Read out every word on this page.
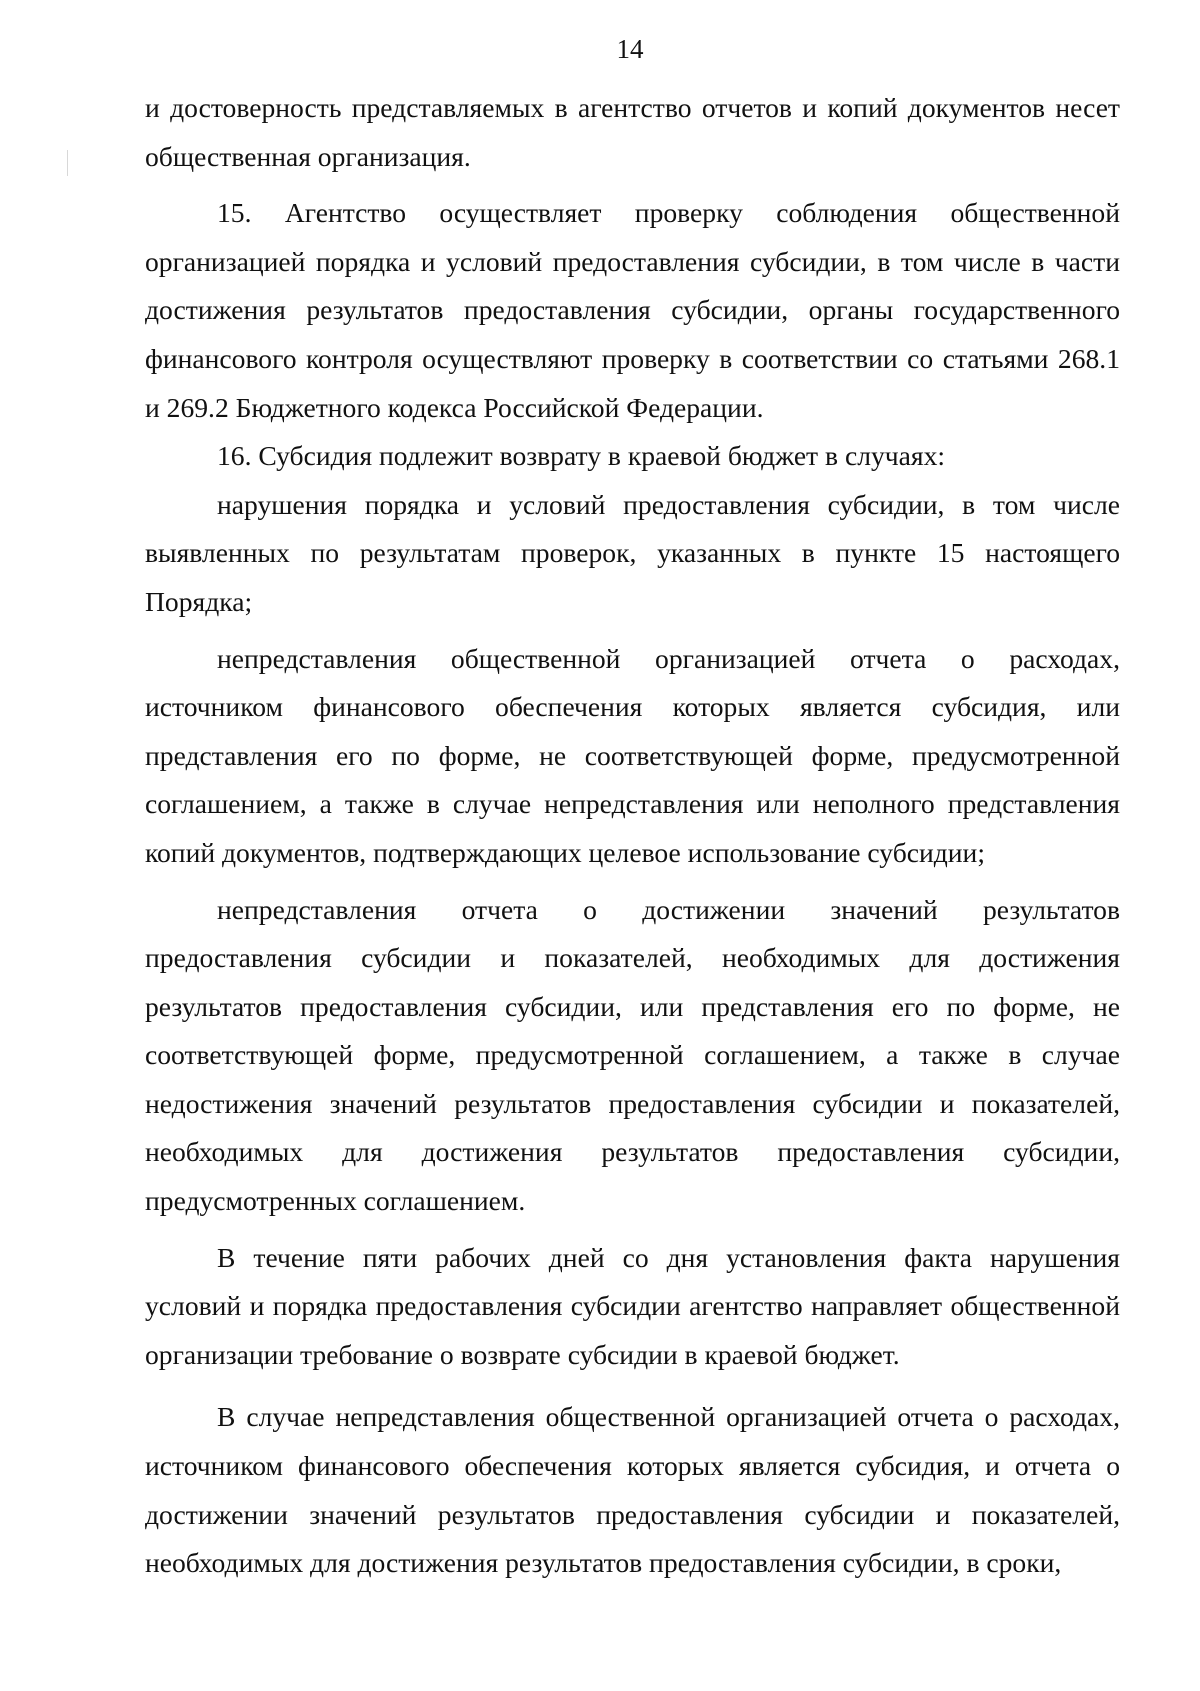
14

и достоверность представляемых в агентство отчетов и копий документов несет общественная организация.

15. Агентство осуществляет проверку соблюдения общественной организацией порядка и условий предоставления субсидии, в том числе в части достижения результатов предоставления субсидии, органы государственного финансового контроля осуществляют проверку в соответствии со статьями 268.1 и 269.2 Бюджетного кодекса Российской Федерации.

16. Субсидия подлежит возврату в краевой бюджет в случаях:

нарушения порядка и условий предоставления субсидии, в том числе выявленных по результатам проверок, указанных в пункте 15 настоящего Порядка;

непредставления общественной организацией отчета о расходах, источником финансового обеспечения которых является субсидия, или представления его по форме, не соответствующей форме, предусмотренной соглашением, а также в случае непредставления или неполного представления копий документов, подтверждающих целевое использование субсидии;

непредставления отчета о достижении значений результатов предоставления субсидии и показателей, необходимых для достижения результатов предоставления субсидии, или представления его по форме, не соответствующей форме, предусмотренной соглашением, а также в случае недостижения значений результатов предоставления субсидии и показателей, необходимых для достижения результатов предоставления субсидии, предусмотренных соглашением.

В течение пяти рабочих дней со дня установления факта нарушения условий и порядка предоставления субсидии агентство направляет общественной организации требование о возврате субсидии в краевой бюджет.

В случае непредставления общественной организацией отчета о расходах, источником финансового обеспечения которых является субсидия, и отчета о достижении значений результатов предоставления субсидии и показателей, необходимых для достижения результатов предоставления субсидии, в сроки,
